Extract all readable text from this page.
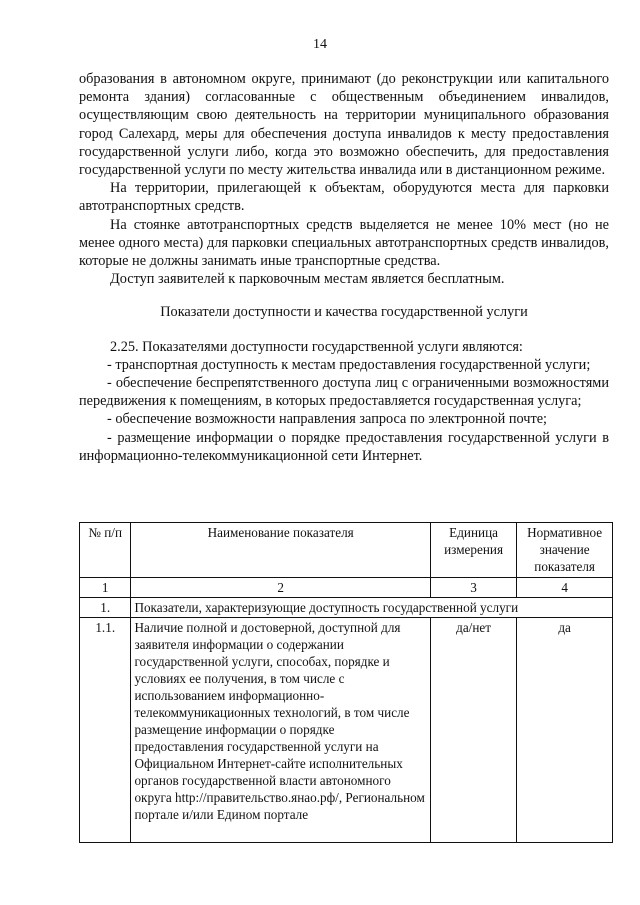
14

образования в автономном округе, принимают (до реконструкции или капитального ремонта здания) согласованные с общественным объединением инвалидов, осуществляющим свою деятельность на территории муниципального образования город Салехард, меры для обеспечения доступа инвалидов к месту предоставления государственной услуги либо, когда это возможно обеспечить, для предоставления государственной услуги по месту жительства инвалида или в дистанционном режиме.

На территории, прилегающей к объектам, оборудуются места для парковки автотранспортных средств.

На стоянке автотранспортных средств выделяется не менее 10% мест (но не менее одного места) для парковки специальных автотранспортных средств инвалидов, которые не должны занимать иные транспортные средства.

Доступ заявителей к парковочным местам является бесплатным.

Показатели доступности и качества государственной услуги

2.25. Показателями доступности государственной услуги являются:

- транспортная доступность к местам предоставления государственной услуги;

- обеспечение беспрепятственного доступа лиц с ограниченными возможностями передвижения к помещениям, в которых предоставляется государственная услуга;

- обеспечение возможности направления запроса по электронной почте;

- размещение информации о порядке предоставления государственной услуги в информационно-телекоммуникационной сети Интернет.

№ п/п	Наименование показателя	Единица измерения	Нормативное значение показателя
1	2	3	4
1.	Показатели, характеризующие доступность государственной услуги		
1.1.	Наличие полной и достоверной, доступной для заявителя информации о содержании государственной услуги, способах, порядке и условиях ее получения, в том числе с использованием информационно-телекоммуникационных технологий, в том числе размещение информации о порядке предоставления государственной услуги на Официальном Интернет-сайте исполнительных органов государственной власти автономного округа http://правительство.янао.рф/, Региональном портале и/или Едином портале	да/нет	да
